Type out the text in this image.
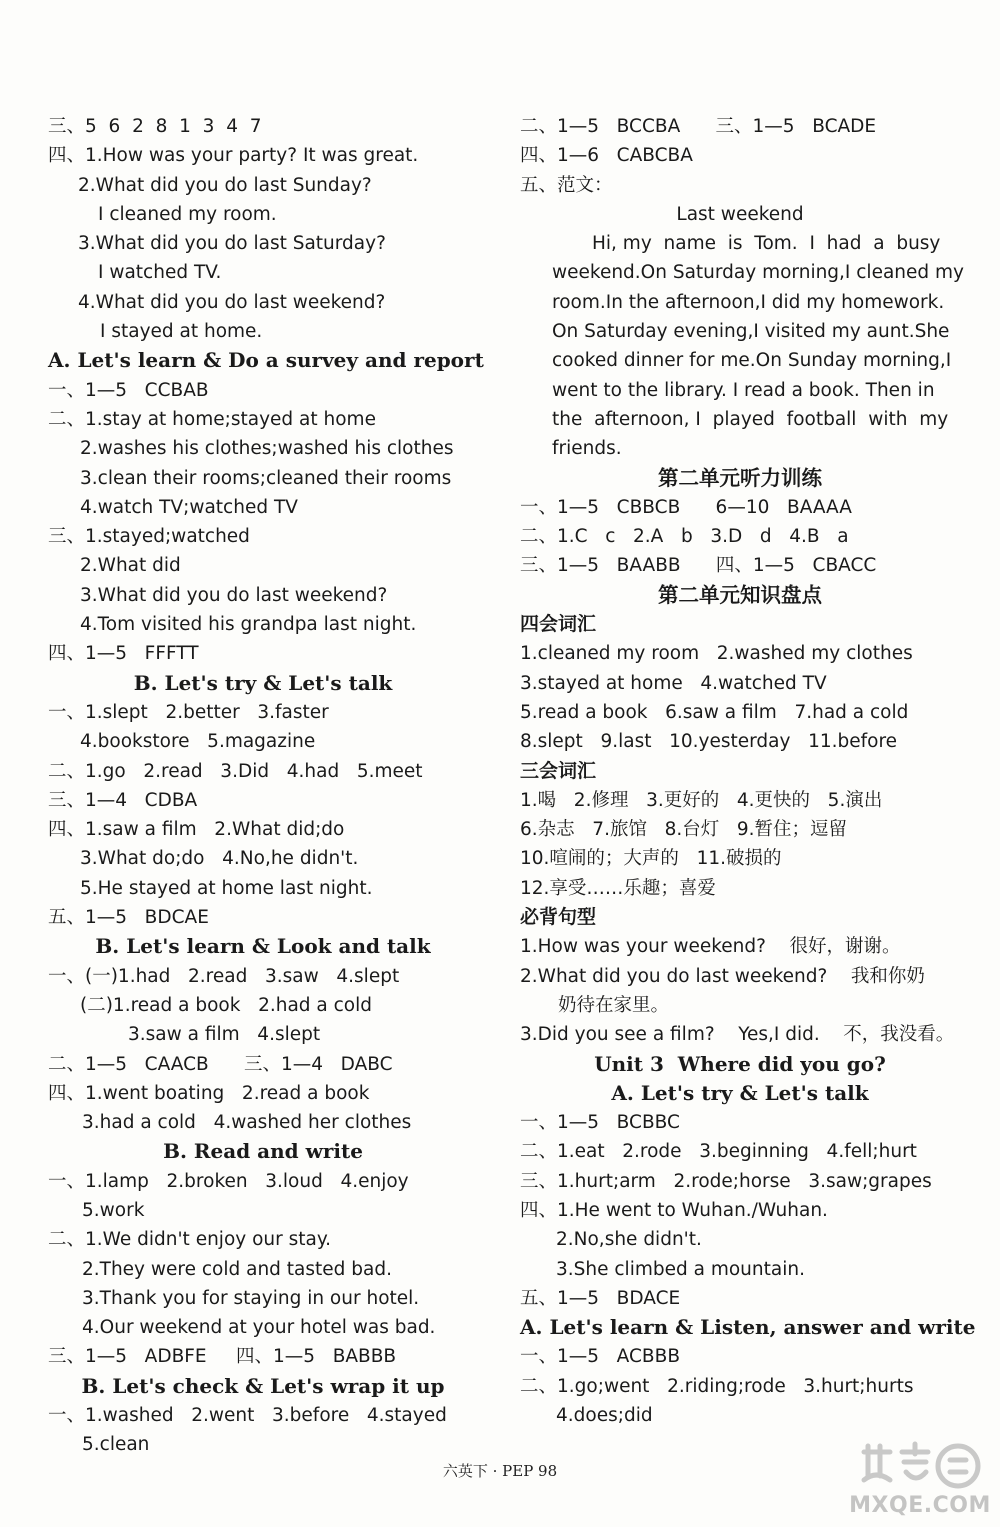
三、5  6  2  8  1  3  4  7
四、1.How was your party? It was great.
2.What did you do last Sunday?
I cleaned my room.
3.What did you do last Saturday?
I watched TV.
4.What did you do last weekend?
I stayed at home.
A. Let's learn & Do a survey and report
一、1—5   CCBAB
二、1.stay at home;stayed at home
2.washes his clothes;washed his clothes
3.clean their rooms;cleaned their rooms
4.watch TV;watched TV
三、1.stayed;watched
2.What did
3.What did you do last weekend?
4.Tom visited his grandpa last night.
四、1—5   FFFTT
B. Let's try & Let's talk
一、1.slept   2.better   3.faster
4.bookstore   5.magazine
二、1.go   2.read   3.Did   4.had   5.meet
三、1—4   CDBA
四、1.saw a film   2.What did;do
3.What do;do   4.No,he didn't.
5.He stayed at home last night.
五、1—5   BDCAE
B. Let's learn & Look and talk
一、(一)1.had   2.read   3.saw   4.slept
(二)1.read a book   2.had a cold
3.saw a film   4.slept
二、1—5   CAACB      三、1—4   DABC
四、1.went boating   2.read a book
3.had a cold   4.washed her clothes
B. Read and write
一、1.lamp   2.broken   3.loud   4.enjoy
5.work
二、1.We didn't enjoy our stay.
2.They were cold and tasted bad.
3.Thank you for staying in our hotel.
4.Our weekend at your hotel was bad.
三、1—5   ADBFE     四、1—5   BABBB
B. Let's check & Let's wrap it up
一、1.washed   2.went   3.before   4.stayed
5.clean
二、1—5   BCCBA      三、1—5   BCADE
四、1—6   CABCBA
五、范文：
Last weekend
Hi, my  name  is  Tom.  I  had  a  busy
weekend.On Saturday morning,I cleaned my
room.In the afternoon,I did my homework.
On Saturday evening,I visited my aunt.She
cooked dinner for me.On Sunday morning,I
went to the library. I read a book. Then in
the  afternoon, I  played  football  with  my
friends.
第二单元听力训练
一、1—5   CBBCB      6—10   BAAAA
二、1.C   c   2.A   b   3.D   d   4.B   a
三、1—5   BAABB      四、1—5   CBACC
第二单元知识盘点
四会词汇
1.cleaned my room   2.washed my clothes
3.stayed at home   4.watched TV
5.read a book   6.saw a film   7.had a cold
8.slept   9.last   10.yesterday   11.before
三会词汇
1.喝   2.修理   3.更好的   4.更快的   5.演出
6.杂志   7.旅馆   8.台灯   9.暂住；逗留
10.喧闹的；大声的   11.破损的
12.享受……乐趣；喜爱
必背句型
1.How was your weekend?    很好，谢谢。
2.What did you do last weekend?    我和你奶
奶待在家里。
3.Did you see a film?    Yes,I did.    不，我没看。
Unit 3  Where did you go?
A. Let's try & Let's talk
一、1—5   BCBBC
二、1.eat   2.rode   3.beginning   4.fell;hurt
三、1.hurt;arm   2.rode;horse   3.saw;grapes
四、1.He went to Wuhan./Wuhan.
2.No,she didn't.
3.She climbed a mountain.
五、1—5   BDACE
A. Let's learn & Listen, answer and write
一、1—5   ACBBB
二、1.go;went   2.riding;rode   3.hurt;hurts
4.does;did
六英下 · PEP 98
MXQE.COM
